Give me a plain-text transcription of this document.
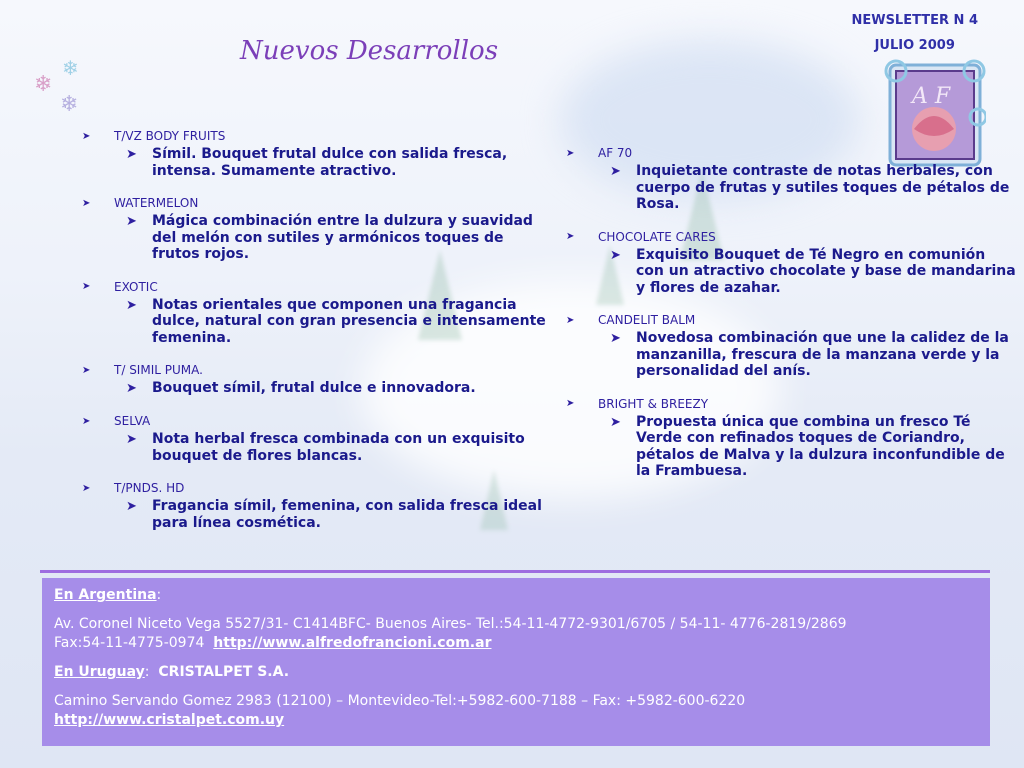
❄
❄
❄
NEWSLETTER N 4
JULIO 2009
Nuevos Desarrollos
A F
➤	T/VZ BODY FRUITS
➤	Símil. Bouquet frutal dulce con salida fresca, intensa. Sumamente atractivo.
➤	WATERMELON
➤	Mágica combinación entre la dulzura y suavidad del melón con sutiles y armónicos toques de frutos rojos.
➤	EXOTIC
➤	Notas orientales que componen una fragancia dulce, natural con gran presencia e intensamente femenina.
➤	T/ SIMIL PUMA.
➤	Bouquet símil, frutal dulce e innovadora.
➤	SELVA
➤	Nota herbal fresca combinada con un exquisito bouquet de flores blancas.
➤	T/PNDS. HD
➤	Fragancia símil, femenina, con salida fresca ideal para línea cosmética.
➤	AF 70
➤	Inquietante contraste de notas herbales, con cuerpo de frutas y sutiles toques de pétalos de Rosa.
➤	CHOCOLATE CARES
➤	Exquisito Bouquet de Té Negro en comunión con un atractivo chocolate y base de mandarina y flores de azahar.
➤	CANDELIT BALM
➤	Novedosa combinación que une la calidez de la manzanilla, frescura de la manzana verde y la personalidad del anís.
➤	BRIGHT & BREEZY
➤	Propuesta única que combina un fresco Té Verde con refinados toques de Coriandro, pétalos de Malva y la dulzura inconfundible de la Frambuesa.

En Argentina:

Av. Coronel Niceto Vega 5527/31- C1414BFC- Buenos Aires- Tel.:54-11-4772-9301/6705 / 54-11- 4776-2819/2869

Fax:54-11-4775-0974 http://www.alfredofrancioni.com.ar

En Uruguay: CRISTALPET S.A.

Camino Servando Gomez 2983 (12100) – Montevideo-Tel:+5982-600-7188 – Fax: +5982-600-6220

http://www.cristalpet.com.uy
